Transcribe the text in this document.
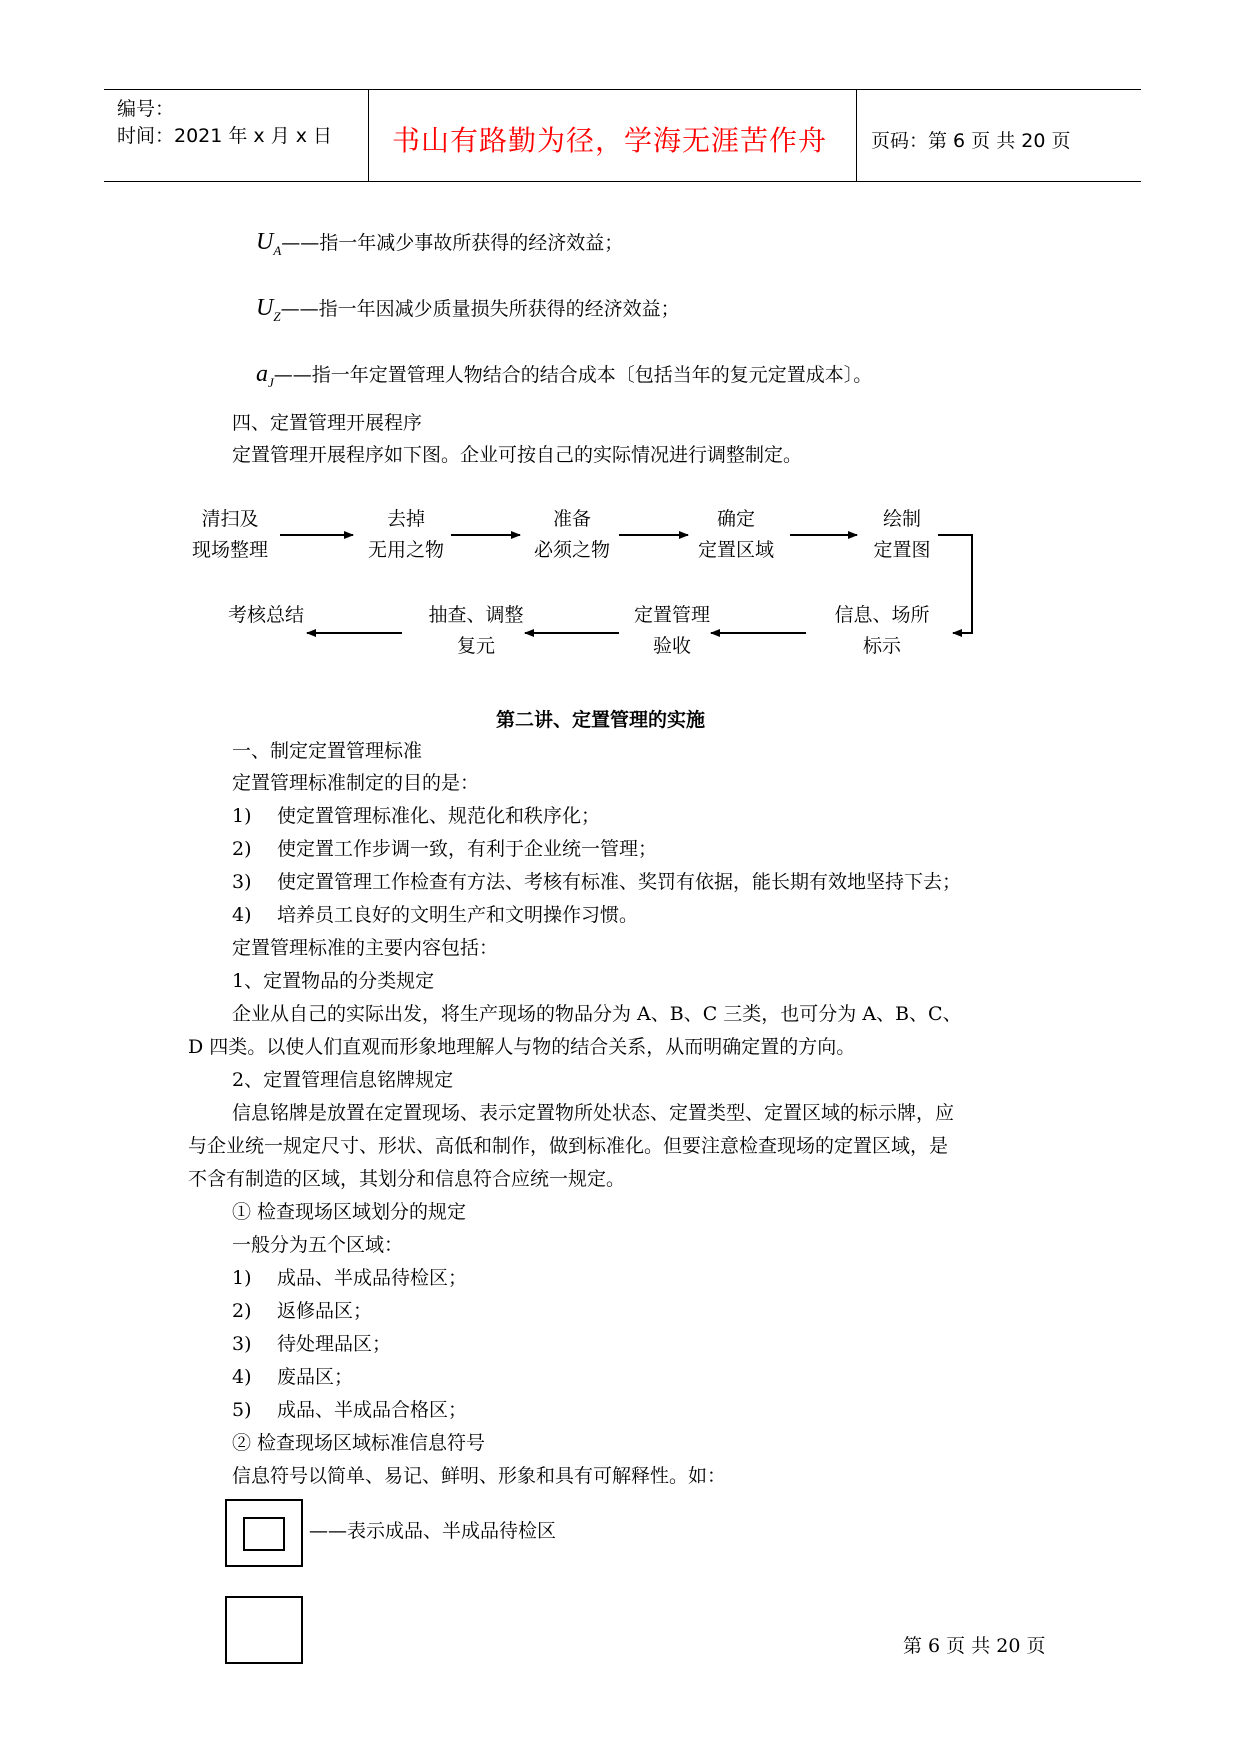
编号：
时间：2021 年 x 月 x 日 书山有路勤为径，学海无涯苦作舟 页码：第 6 页 共 20 页
$U_A——$指一年减少事故所获得的经济效益；
$U_Z——$指一年因减少质量损失所获得的经济效益；
$a_J——$指一年定置管理人物结合的结合成本〔包括当年的复元定置成本〕。
四、定置管理开展程序
定置管理开展程序如下图。企业可按自己的实际情况进行调整制定。
清扫及
现场整理
去掉
无用之物
准备
必须之物
确定
定置区域
绘制
定置图
考核总结	抽查、调整
复元
定置管理
验收
信息、场所
标示
第二讲、定置管理的实施
一、制定定置管理标准
定置管理标准制定的目的是：
1) 使定置管理标准化、规范化和秩序化；
2) 使定置工作步调一致，有利于企业统一管理；
3) 使定置管理工作检查有方法、考核有标准、奖罚有依据，能长期有效地坚持下去；
4) 培养员工良好的文明生产和文明操作习惯。
定置管理标准的主要内容包括：
1、定置物品的分类规定
企业从自己的实际出发，将生产现场的物品分为 A、B、C 三类，也可分为 A、B、C、
D 四类。以使人们直观而形象地理解人与物的结合关系，从而明确定置的方向。
2、定置管理信息铭牌规定
信息铭牌是放置在定置现场、表示定置物所处状态、定置类型、定置区域的标示牌，应
与企业统一规定尺寸、形状、高低和制作，做到标准化。但要注意检查现场的定置区域，是
不含有制造的区域，其划分和信息符合应统一规定。
① 检查现场区域划分的规定
一般分为五个区域：
1) 成品、半成品待检区；
2) 返修品区；
3) 待处理品区；
4) 废品区；
5) 成品、半成品合格区；
② 检查现场区域标准信息符号
信息符号以简单、易记、鲜明、形象和具有可解释性。如：
——表示成品、半成品待检区
第 6 页 共 20 页
